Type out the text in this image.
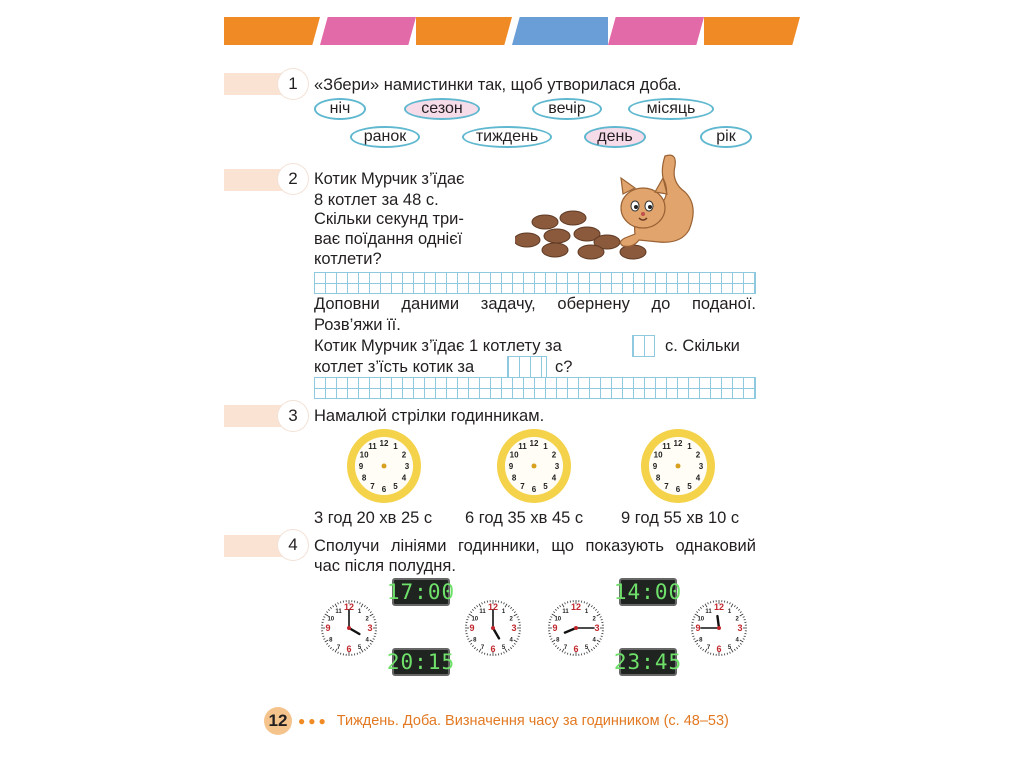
1 «Збери» намистинки так, щоб утворилася доба.
ніч	сезон	вечір	місяць
ранок	тиждень	день	рік
2 Котик Мурчик з’їдає
8 котлет за 48 с.
Скільки секунд три-
ває поїдання однієї
котлети?
Доповни даними задачу, обернену до поданої.
Розв’яжи її.
Котик Мурчик з’їдає 1 котлету за	с. Скільки
котлет з’їсть котик за	с?
3 Намалюй стрілки годинникам.
1
2
3
4
5
6
7
8
9
10
11 12	1
2
3
4
5
6
7
8
9
10
11 12	1
2
3
4
5
6
7
8
9
10
11 12
3 год 20 хв 25 с 6 год 35 хв 45 с 9 год 55 хв 10 с
4 Сполучи лініями годинники, що показують однаковий
час після полудня.
1
2
3
4
5
6
7
8
9
10
11 12	1
2
3
4
5
6
7
8
9
10
11 12	1
2
3
4
5
6
7
8
9
10
11 12	1
2
3
4
5
6
7
8
9
10
11 12
17:00	14:00
20:15	23:45
12 ●●● Тиждень. Доба. Визначення часу за годинником (с. 48–53)
